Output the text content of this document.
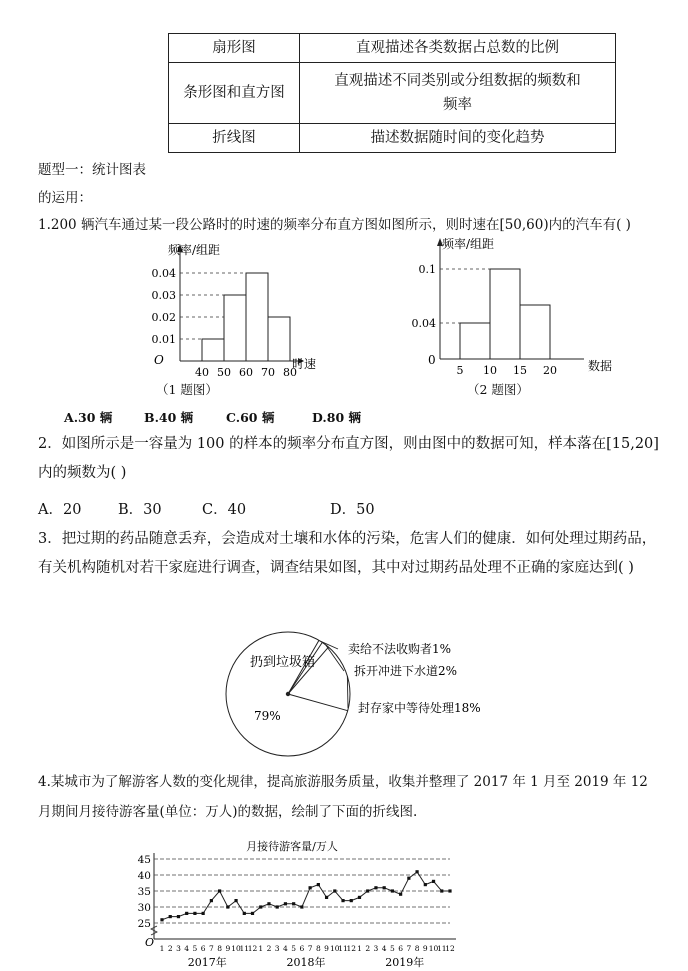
扇形图	直观描述各类数据占总数的比例
条形图和直方图	直观描述不同类别或分组数据的频数和频率
折线图	描述数据随时间的变化趋势
题型一：统计图表
的运用：
1.200 辆汽车通过某一段公路时的时速的频率分布直方图如图所示，则时速在[50,60)内的汽车有( )
0.01
0.02
0.03
0.04
40 50 60 70 80
频率/组距
时速
O
（1 题图）
0.04
0.1
5 10 15 20
频率/组距
数据
0
（2 题图）
A.30 辆	B.40 辆	C.60 辆	D.80 辆
2．如图所示是一容量为 100 的样本的频率分布直方图，则由图中的数据可知，样本落在[15,20]内的频数为( )
A．20	B．30	C．40	D．50
3．把过期的药品随意丢弃，会造成对土壤和水体的污染，危害人们的健康．如何处理过期药品，有关机构随机对若干家庭进行调查，调查结果如图，其中对过期药品处理不正确的家庭达到( )
扔到垃圾箱
79%
卖给不法收购者1%
拆开冲进下水道2%
封存家中等待处理18%
4.某城市为了解游客人数的变化规律，提高旅游服务质量，收集并整理了 2017 年 1 月至 2019 年 12 月期间月接待游客量(单位：万人)的数据，绘制了下面的折线图.
月接待游客量/万人
25
30
35
40
45
1 2 3 4 5 6 7 8 9 10
11
12 1 2 3 4 5 6 7 8 9 10
11
12 1 2 3 4 5 6 7 8 9 10
11
12
2017年	2018年	2019年
O
